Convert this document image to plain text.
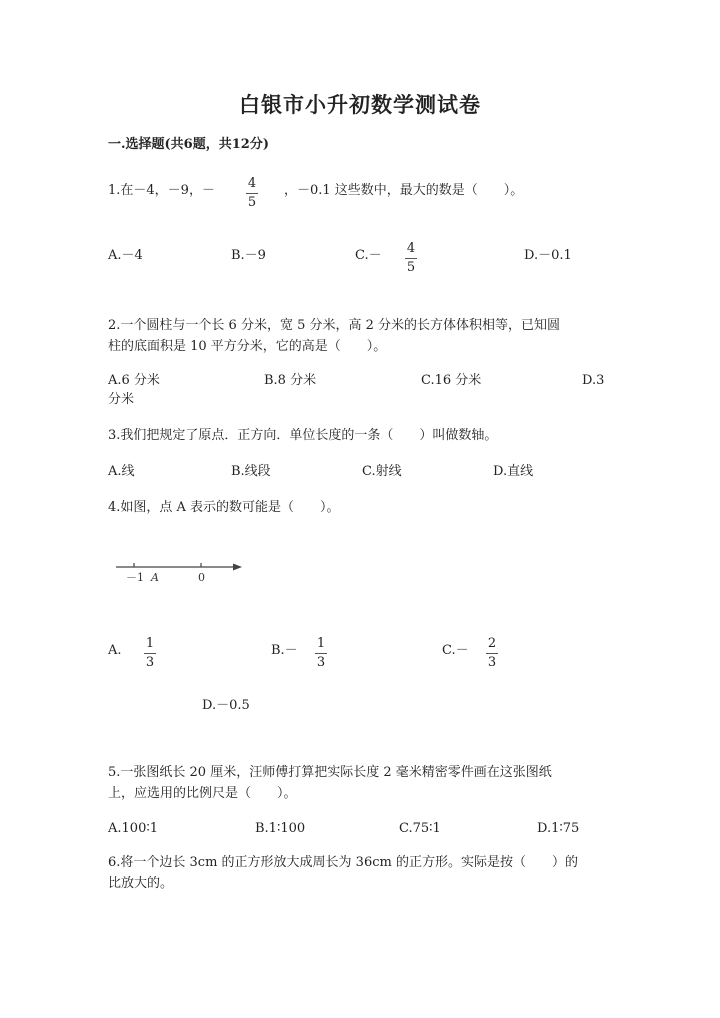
白银市小升初数学测试卷
一.选择题(共6题，共12分)
1.在－4，－9，－	4
5
，－0.1 这些数中，最大的数是（　　）。
A.－4	B.－9	C.－ 4
5
D.－0.1
2.一个圆柱与一个长 6 分米，宽 5 分米，高 2 分米的长方体体积相等，已知圆
柱的底面积是 10 平方分米，它的高是（　　）。
A.6 分米	B.8 分米	C.16 分米	D.3
分米
3.我们把规定了原点．正方向．单位长度的一条（　　）叫做数轴。
A.线	B.线段	C.射线	D.直线
4.如图，点 A 表示的数可能是（　　）。
－1 A	0
A. 1
3
B.－ 1
3
C.－ 2
3
D.－0.5
5.一张图纸长 20 厘米，汪师傅打算把实际长度 2 毫米精密零件画在这张图纸
上，应选用的比例尺是（　　）。
A.100∶1	B.1∶100	C.75∶1	D.1∶75
6.将一个边长 3cm 的正方形放大成周长为 36cm 的正方形。实际是按（　　）的
比放大的。
